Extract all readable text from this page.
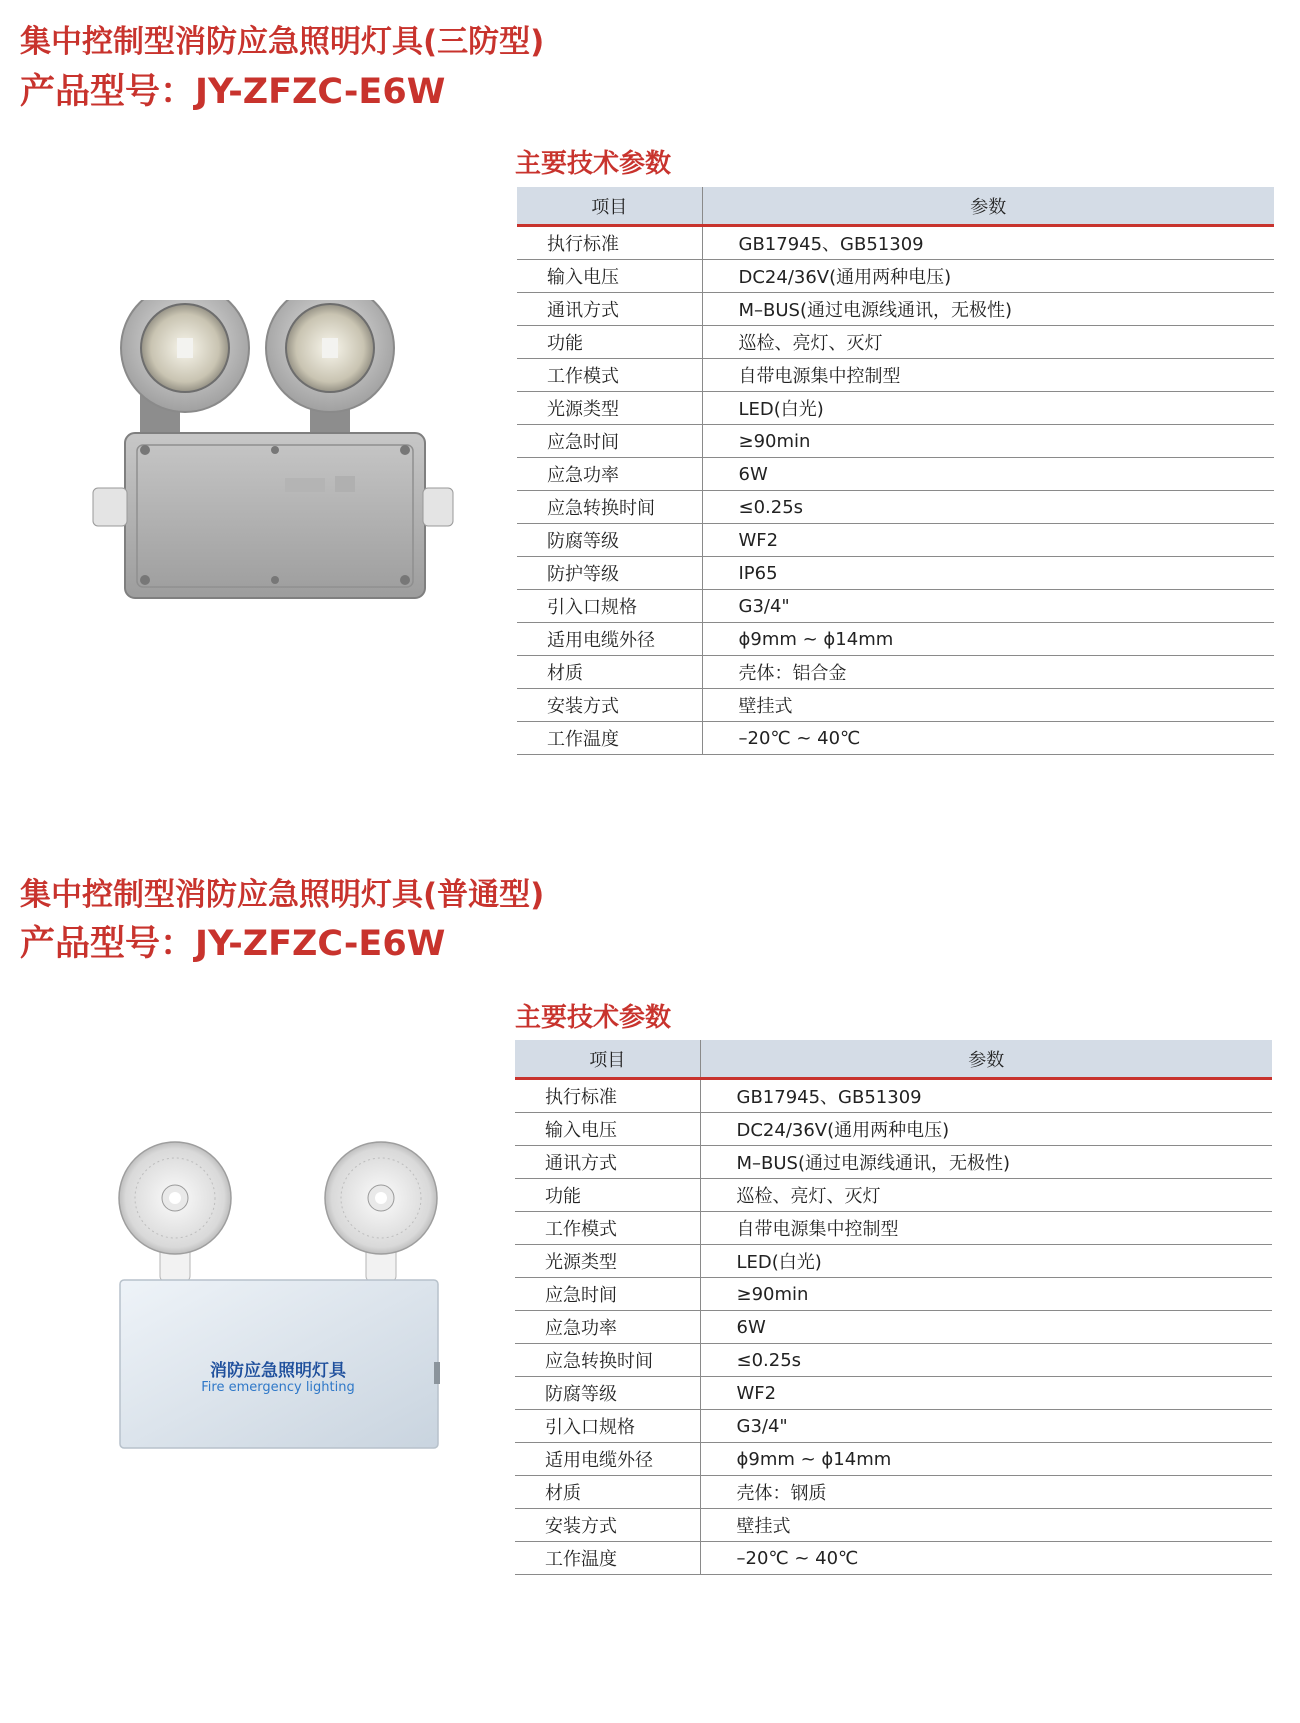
集中控制型消防应急照明灯具(三防型)
产品型号：JY-ZFZC-E6W
主要技术参数
项目	参数
执行标准	GB17945、GB51309
输入电压	DC24/36V(通用两种电压)
通讯方式	M–BUS(通过电源线通讯，无极性)
功能	巡检、亮灯、灭灯
工作模式	自带电源集中控制型
光源类型	LED(白光)
应急时间	≥90min
应急功率	6W
应急转换时间	≤0.25s
防腐等级	WF2
防护等级	IP65
引入口规格	G3/4"
适用电缆外径	ϕ9mm ~ ϕ14mm
材质	壳体：铝合金
安装方式	壁挂式
工作温度	–20℃ ~ 40℃
集中控制型消防应急照明灯具(普通型)
产品型号：JY-ZFZC-E6W
消防应急照明灯具
Fire emergency lighting
主要技术参数
项目	参数
执行标准	GB17945、GB51309
输入电压	DC24/36V(通用两种电压)
通讯方式	M–BUS(通过电源线通讯，无极性)
功能	巡检、亮灯、灭灯
工作模式	自带电源集中控制型
光源类型	LED(白光)
应急时间	≥90min
应急功率	6W
应急转换时间	≤0.25s
防腐等级	WF2
引入口规格	G3/4"
适用电缆外径	ϕ9mm ~ ϕ14mm
材质	壳体：钢质
安装方式	壁挂式
工作温度	–20℃ ~ 40℃
